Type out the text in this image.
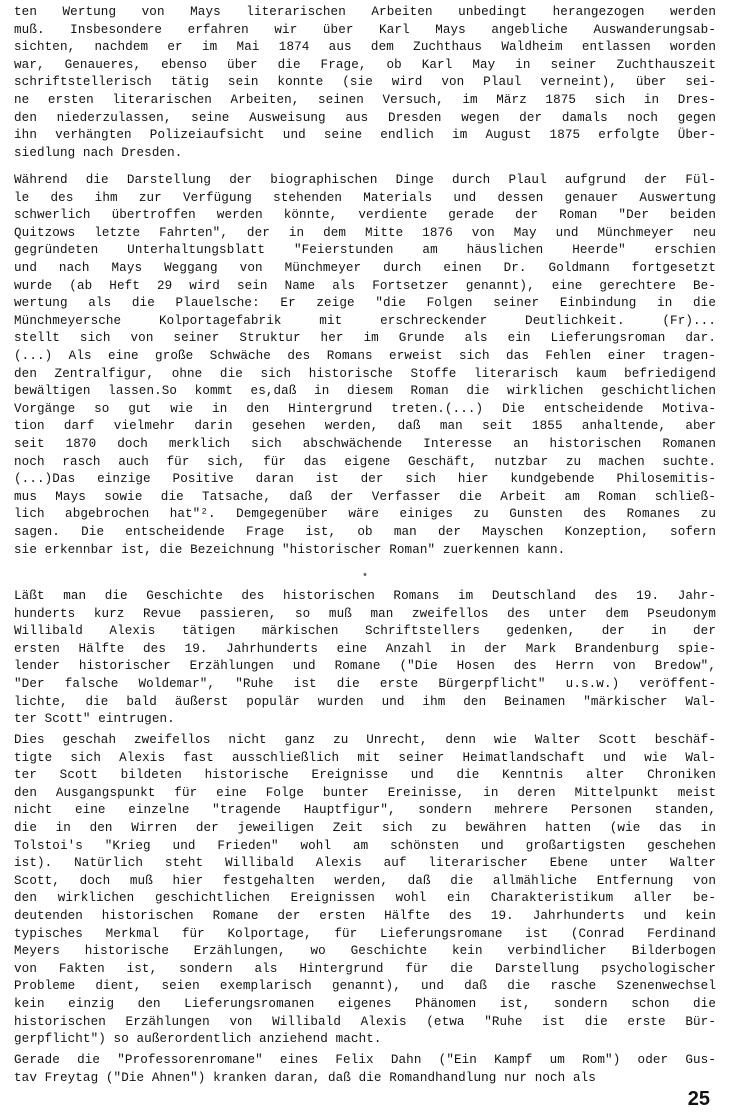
ten Wertung von Mays literarischen Arbeiten unbedingt herangezogen werden
muß. Insbesondere erfahren wir über Karl Mays angebliche Auswanderungsab-
sichten, nachdem er im Mai 1874 aus dem Zuchthaus Waldheim entlassen worden
war, Genaueres, ebenso über die Frage, ob Karl May in seiner Zuchthauszeit
schriftstellerisch tätig sein konnte (sie wird von Plaul verneint), über sei-
ne ersten literarischen Arbeiten, seinen Versuch, im März 1875 sich in Dres-
den niederzulassen, seine Ausweisung aus Dresden wegen der damals noch gegen
ihn verhängten Polizeiaufsicht und seine endlich im August 1875 erfolgte Über-
siedlung nach Dresden.
Während die Darstellung der biographischen Dinge durch Plaul aufgrund der Fül-
le des ihm zur Verfügung stehenden Materials und dessen genauer Auswertung
schwerlich übertroffen werden könnte, verdiente gerade der Roman "Der beiden
Quitzows letzte Fahrten", der in dem Mitte 1876 von May und Münchmeyer neu
gegründeten Unterhaltungsblatt "Feierstunden am häuslichen Heerde" erschien
und nach Mays Weggang von Münchmeyer durch einen Dr. Goldmann fortgesetzt
wurde (ab Heft 29 wird sein Name als Fortsetzer genannt), eine gerechtere Be-
wertung als die Plauelsche: Er zeige "die Folgen seiner Einbindung in die
Münchmeyersche Kolportagefabrik mit erschreckender Deutlichkeit. (Fr)...
stellt sich von seiner Struktur her im Grunde als ein Lieferungsroman dar.
(...) Als eine große Schwäche des Romans erweist sich das Fehlen einer tragen-
den Zentralfigur, ohne die sich historische Stoffe literarisch kaum befriedigend
bewältigen lassen.So kommt es,daß in diesem Roman die wirklichen geschichtlichen
Vorgänge so gut wie in den Hintergrund treten.(...) Die entscheidende Motiva-
tion darf vielmehr darin gesehen werden, daß man seit 1855 anhaltende, aber
seit 1870 doch merklich sich abschwächende Interesse an historischen Romanen
noch rasch auch für sich, für das eigene Geschäft, nutzbar zu machen suchte.
(...)Das einzige Positive daran ist der sich hier kundgebende Philosemitis-
mus Mays sowie die Tatsache, daß der Verfasser die Arbeit am Roman schließ-
lich abgebrochen hat"². Demgegenüber wäre einiges zu Gunsten des Romanes zu
sagen. Die entscheidende Frage ist, ob man der Mayschen Konzeption, sofern
sie erkennbar ist, die Bezeichnung "historischer Roman" zuerkennen kann.
Läßt man die Geschichte des historischen Romans im Deutschland des 19. Jahr-
hunderts kurz Revue passieren, so muß man zweifellos des unter dem Pseudonym
Willibald Alexis tätigen märkischen Schriftstellers gedenken, der in der
ersten Hälfte des 19. Jahrhunderts eine Anzahl in der Mark Brandenburg spie-
lender historischer Erzählungen und Romane ("Die Hosen des Herrn von Bredow",
"Der falsche Woldemar", "Ruhe ist die erste Bürgerpflicht" u.s.w.) veröffent-
lichte, die bald äußerst populär wurden und ihm den Beinamen "märkischer Wal-
ter Scott" eintrugen.
Dies geschah zweifellos nicht ganz zu Unrecht, denn wie Walter Scott beschäf-
tigte sich Alexis fast ausschließlich mit seiner Heimatlandschaft und wie Wal-
ter Scott bildeten historische Ereignisse und die Kenntnis alter Chroniken
den Ausgangspunkt für eine Folge bunter Ereinisse, in deren Mittelpunkt meist
nicht eine einzelne "tragende Hauptfigur", sondern mehrere Personen standen,
die in den Wirren der jeweiligen Zeit sich zu bewähren hatten (wie das in
Tolstoi's "Krieg und Frieden" wohl am schönsten und großartigsten geschehen
ist). Natürlich steht Willibald Alexis auf literarischer Ebene unter Walter
Scott, doch muß hier festgehalten werden, daß die allmähliche Entfernung von
den wirklichen geschichtlichen Ereignissen wohl ein Charakteristikum aller be-
deutenden historischen Romane der ersten Hälfte des 19. Jahrhunderts und kein
typisches Merkmal für Kolportage, für Lieferungsromane ist (Conrad Ferdinand
Meyers historische Erzählungen, wo Geschichte kein verbindlicher Bilderbogen
von Fakten ist, sondern als Hintergrund für die Darstellung psychologischer
Probleme dient, seien exemplarisch genannt), und daß die rasche Szenenwechsel
kein einzig den Lieferungsromanen eigenes Phänomen ist, sondern schon die
historischen Erzählungen von Willibald Alexis (etwa "Ruhe ist die erste Bür-
gerpflicht") so außerordentlich anziehend macht.
Gerade die "Professorenromane" eines Felix Dahn ("Ein Kampf um Rom") oder Gus-
tav Freytag ("Die Ahnen") kranken daran, daß die Romandhandlung nur noch als
*
25
